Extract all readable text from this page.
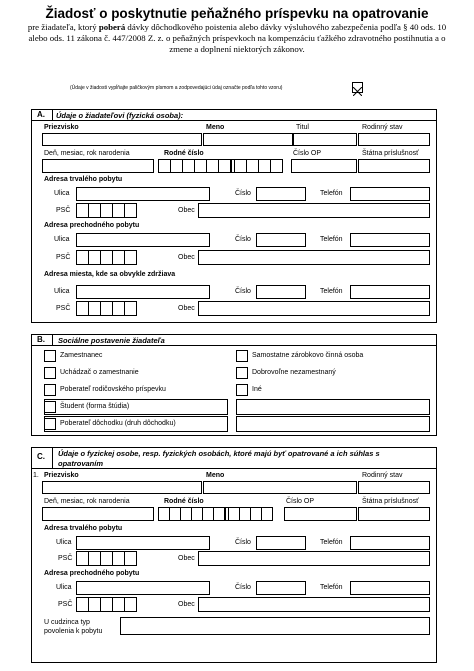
Žiadosť o poskytnutie peňažného príspevku na opatrovanie
pre žiadateľa, ktorý poberá dávky dôchodkového poistenia alebo dávky výsluhového zabezpečenia podľa § 40 ods. 10 alebo ods. 11 zákona č. 447/2008 Z. z. o peňažných príspevkoch na kompenzáciu ťažkého zdravotného postihnutia a o zmene a doplnení niektorých zákonov.
(Údaje v žiadosti vypĺňajte paličkovým písmom a zodpovedajúci údaj označte podľa tohto vzoru)
A. Údaje o žiadateľovi (fyzická osoba):
Priezvisko	Meno	Titul	Rodinný stav
Deň, mesiac, rok narodenia	Rodné číslo	Číslo OP	Štátna príslušnosť
Adresa trvalého pobytu
Ulica	Číslo	Telefón
PSČ	Obec
Adresa prechodného pobytu
Ulica	Číslo	Telefón
PSČ	Obec
Adresa miesta, kde sa obvykle zdržiava
Ulica	Číslo	Telefón
PSČ	Obec
B. Sociálne postavenie žiadateľa
Zamestnanec
Uchádzač o zamestnanie
Poberateľ rodičovského príspevku
Študent (forma štúdia)
Poberateľ dôchodku (druh dôchodku)
Samostatne zárobkovo činná osoba
Dobrovoľne nezamestnaný
Iné
C. Údaje o fyzickej osobe, resp. fyzických osobách, ktoré majú byť opatrované a ich súhlas s
opatrovaním
1. Priezvisko	Meno	Rodinný stav
Deň, mesiac, rok narodenia	Rodné číslo	Číslo OP	Štátna príslušnosť
Adresa trvalého pobytu
Ulica	Číslo	Telefón
PSČ	Obec
Adresa prechodného pobytu
Ulica	Číslo	Telefón
PSČ	Obec
U cudzinca typ
povolenia k pobytu
